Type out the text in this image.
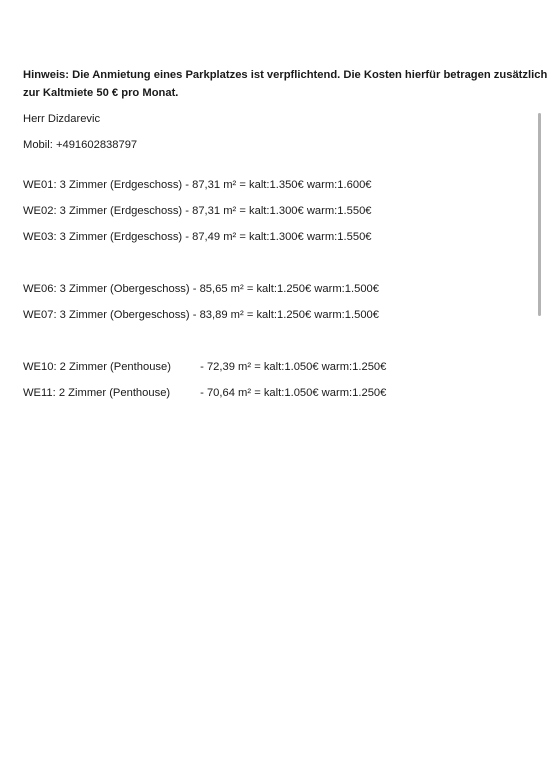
Hinweis: Die Anmietung eines Parkplatzes ist verpflichtend. Die Kosten hierfür betragen zusätzlich

zur Kaltmiete 50 € pro Monat.

Herr Dizdarevic

Mobil: +491602838797

WE01: 3 Zimmer (Erdgeschoss) - 87,31 m² = kalt:1.350€ warm:1.600€

WE02: 3 Zimmer (Erdgeschoss) - 87,31 m² = kalt:1.300€ warm:1.550€

WE03: 3 Zimmer (Erdgeschoss) - 87,49 m² = kalt:1.300€ warm:1.550€

WE06: 3 Zimmer (Obergeschoss) - 85,65 m² = kalt:1.250€ warm:1.500€

WE07: 3 Zimmer (Obergeschoss) - 83,89 m² = kalt:1.250€ warm:1.500€

WE10: 2 Zimmer (Penthouse) - 72,39 m² = kalt:1.050€ warm:1.250€

WE11: 2 Zimmer (Penthouse) - 70,64 m² = kalt:1.050€ warm:1.250€
